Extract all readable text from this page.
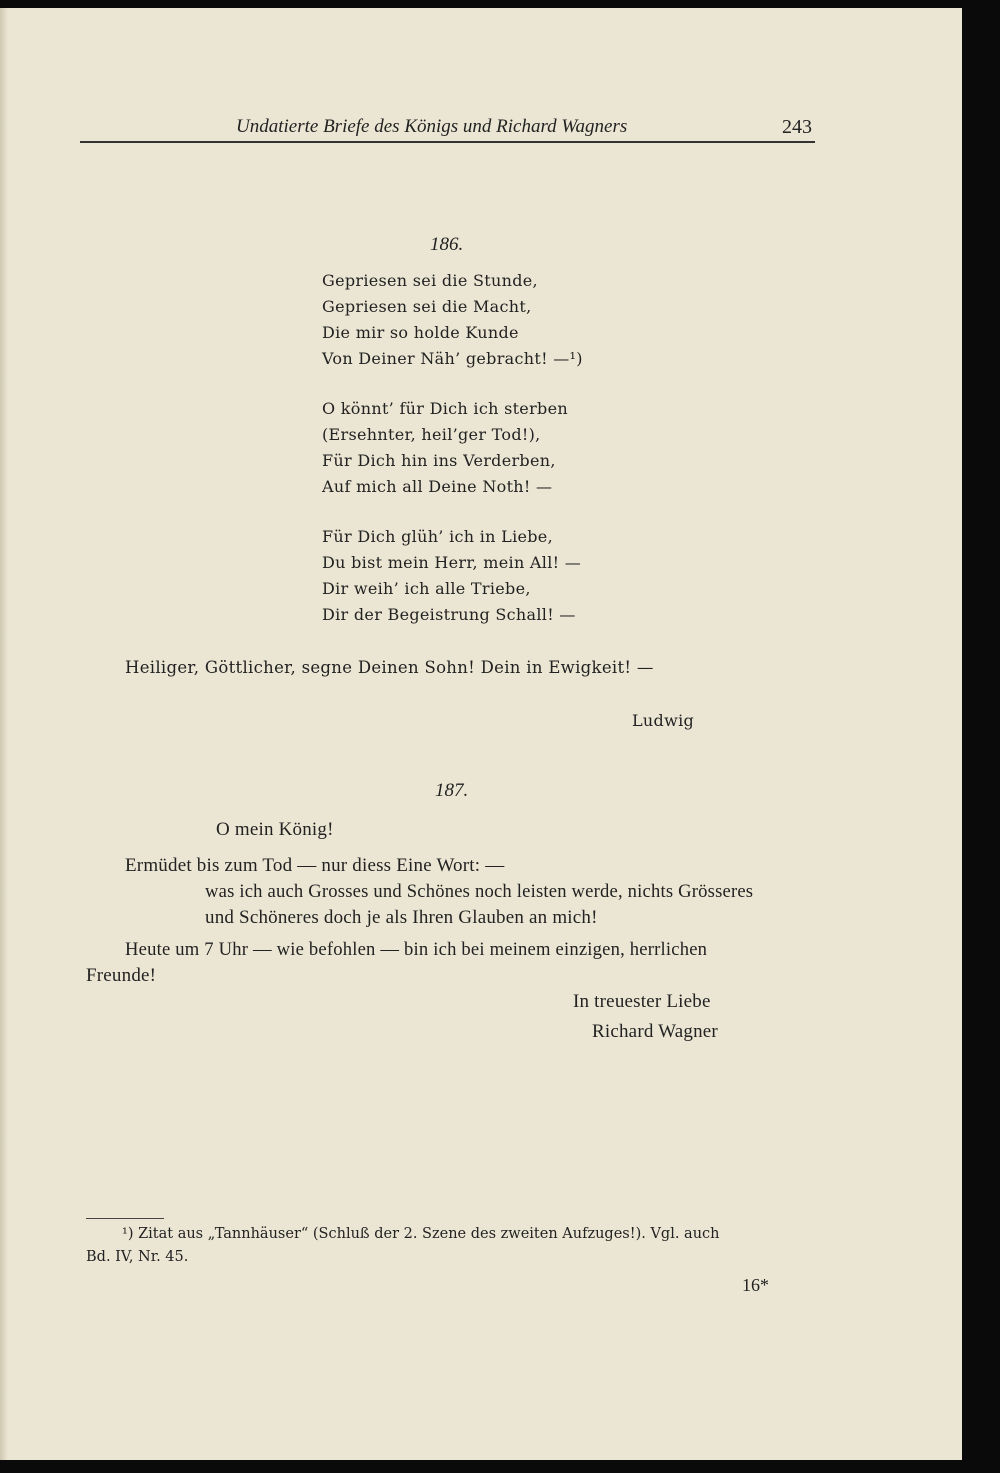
Undatierte Briefe des Königs und Richard Wagners	243
186.
Gepriesen sei die Stunde,
Gepriesen sei die Macht,
Die mir so holde Kunde
Von Deiner Näh’ gebracht! —¹)
O könnt’ für Dich ich sterben
(Ersehnter, heil’ger Tod!),
Für Dich hin ins Verderben,
Auf mich all Deine Noth! —
Für Dich glüh’ ich in Liebe,
Du bist mein Herr, mein All! —
Dir weih’ ich alle Triebe,
Dir der Begeistrung Schall! —
Heiliger, Göttlicher, segne Deinen Sohn! Dein in Ewigkeit! —
Ludwig
187.
O mein König!
Ermüdet bis zum Tod — nur diess Eine Wort: —
was ich auch Grosses und Schönes noch leisten werde, nichts Grösseres
und Schöneres doch je als Ihren Glauben an mich!
Heute um 7 Uhr — wie befohlen — bin ich bei meinem einzigen, herrlichen
Freunde!
In treuester Liebe
Richard Wagner
¹) Zitat aus „Tannhäuser“ (Schluß der 2. Szene des zweiten Aufzuges!). Vgl. auch
Bd. IV, Nr. 45.
16*
